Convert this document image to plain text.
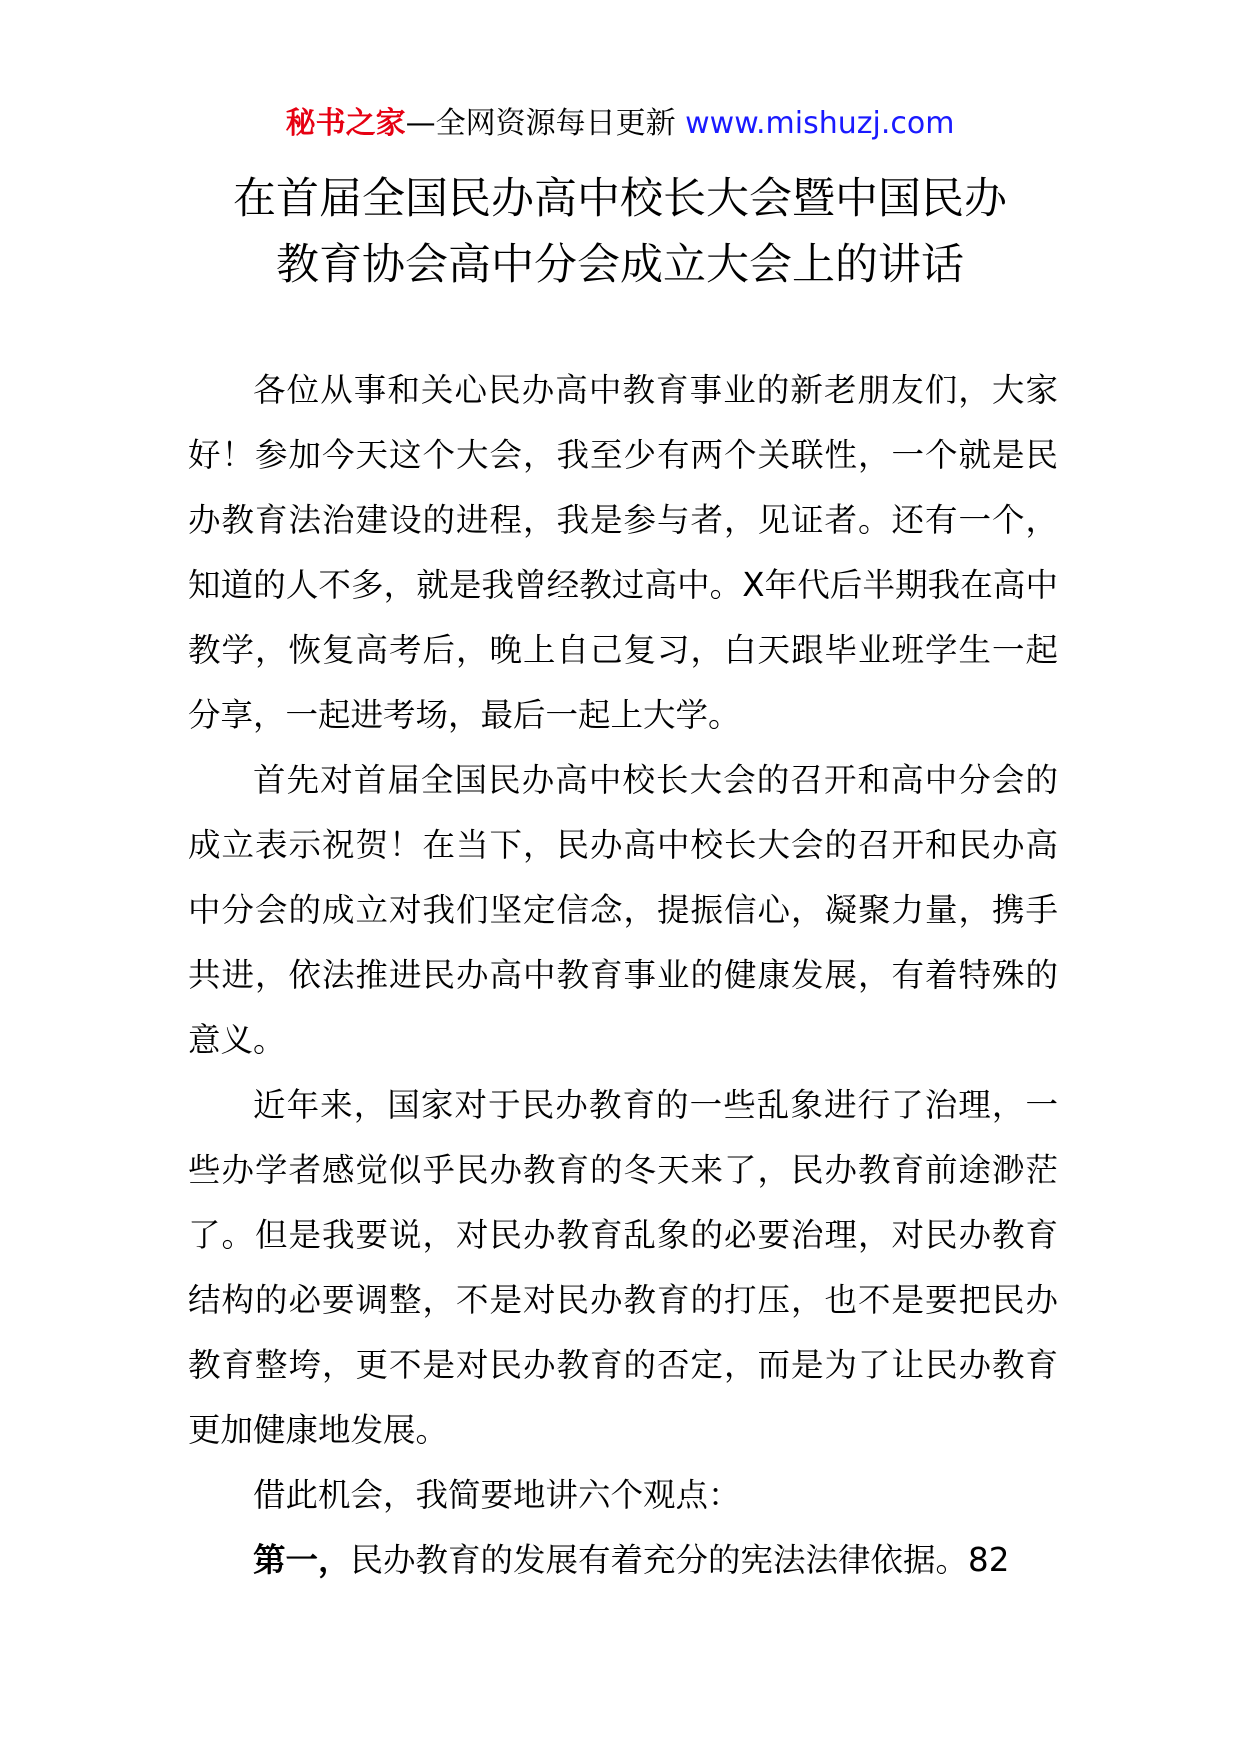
秘书之家—全网资源每日更新 www.mishuzj.com
在首届全国民办高中校长大会暨中国民办
教育协会高中分会成立大会上的讲话

各位从事和关心民办高中教育事业的新老朋友们，大家好！参加今天这个大会，我至少有两个关联性，一个就是民办教育法治建设的进程，我是参与者，见证者。还有一个，知道的人不多，就是我曾经教过高中。X年代后半期我在高中教学，恢复高考后，晚上自己复习，白天跟毕业班学生一起分享，一起进考场，最后一起上大学。

首先对首届全国民办高中校长大会的召开和高中分会的成立表示祝贺！在当下，民办高中校长大会的召开和民办高中分会的成立对我们坚定信念，提振信心，凝聚力量，携手共进，依法推进民办高中教育事业的健康发展，有着特殊的意义。

近年来，国家对于民办教育的一些乱象进行了治理，一些办学者感觉似乎民办教育的冬天来了，民办教育前途渺茫了。但是我要说，对民办教育乱象的必要治理，对民办教育结构的必要调整，不是对民办教育的打压，也不是要把民办教育整垮，更不是对民办教育的否定，而是为了让民办教育更加健康地发展。

借此机会，我简要地讲六个观点：

第一，民办教育的发展有着充分的宪法法律依据。82
